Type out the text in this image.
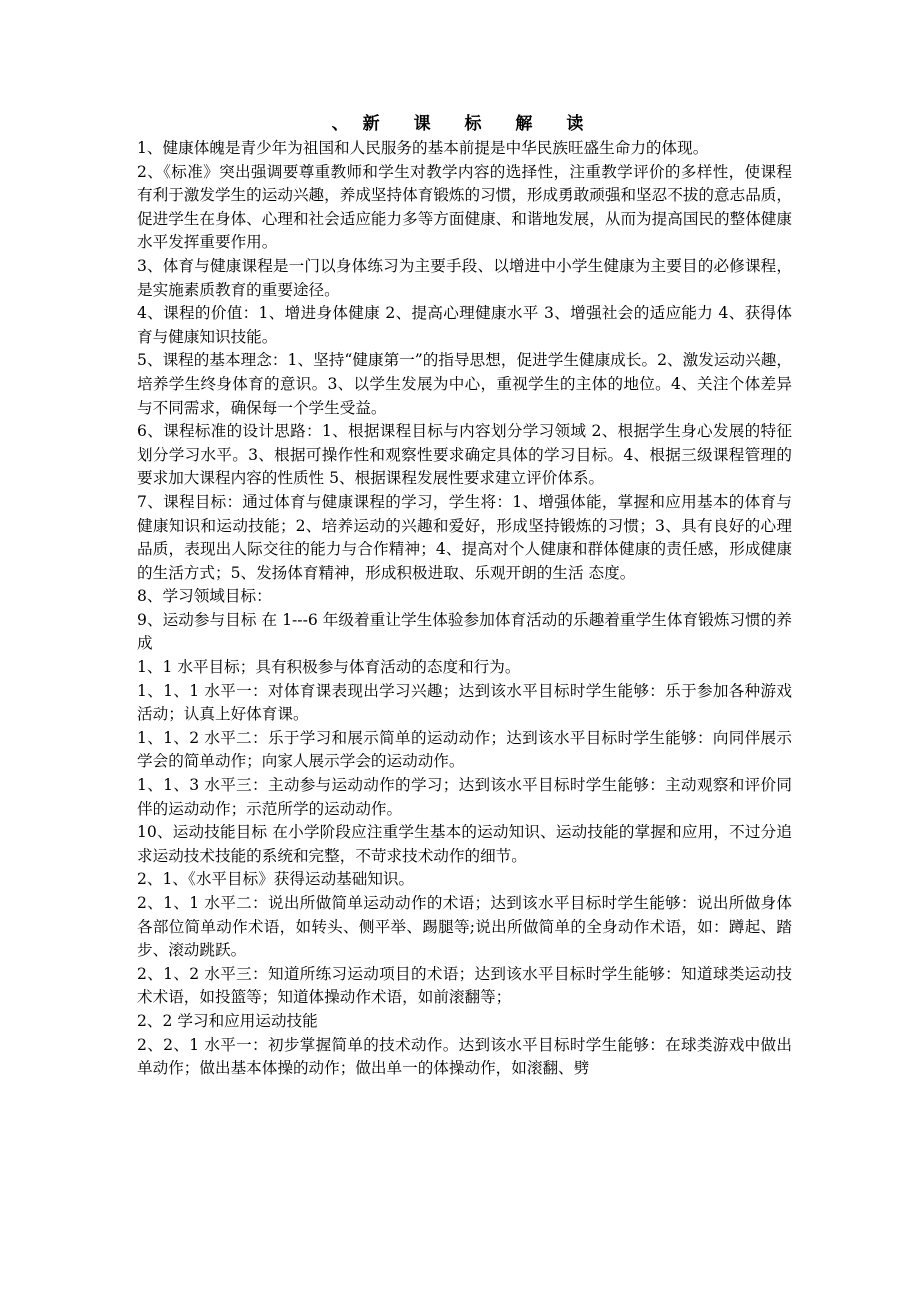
、新 课 标 解 读

1、健康体魄是青少年为祖国和人民服务的基本前提是中华民族旺盛生命力的体现。

2、《标准》突出强调要尊重教师和学生对教学内容的选择性，注重教学评价的多样性，使课程有利于激发学生的运动兴趣，养成坚持体育锻炼的习惯，形成勇敢顽强和坚忍不拔的意志品质，促进学生在身体、心理和社会适应能力多等方面健康、和谐地发展，从而为提高国民的整体健康水平发挥重要作用。

3、体育与健康课程是一门以身体练习为主要手段、以增进中小学生健康为主要目的必修课程，是实施素质教育的重要途径。

4、课程的价值：1、增进身体健康 2、提高心理健康水平 3、增强社会的适应能力 4、获得体育与健康知识技能。

5、课程的基本理念：1、坚持“健康第一”的指导思想，促进学生健康成长。2、激发运动兴趣，培养学生终身体育的意识。3、以学生发展为中心，重视学生的主体的地位。4、关注个体差异与不同需求，确保每一个学生受益。

6、课程标准的设计思路：1、根据课程目标与内容划分学习领域 2、根据学生身心发展的特征划分学习水平。3、根据可操作性和观察性要求确定具体的学习目标。4、根据三级课程管理的要求加大课程内容的性质性 5、根据课程发展性要求建立评价体系。

7、课程目标：通过体育与健康课程的学习，学生将：1、增强体能，掌握和应用基本的体育与健康知识和运动技能；2、培养运动的兴趣和爱好，形成坚持锻炼的习惯；3、具有良好的心理品质，表现出人际交往的能力与合作精神；4、提高对个人健康和群体健康的责任感，形成健康的生活方式；5、发扬体育精神，形成积极进取、乐观开朗的生活 态度。

8、学习领域目标：

9、运动参与目标 在 1---6 年级着重让学生体验参加体育活动的乐趣着重学生体育锻炼习惯的养成

1、1 水平目标；具有积极参与体育活动的态度和行为。

1、1、1 水平一：对体育课表现出学习兴趣；达到该水平目标时学生能够：乐于参加各种游戏活动；认真上好体育课。

1、1、2 水平二：乐于学习和展示简单的运动动作；达到该水平目标时学生能够：向同伴展示学会的简单动作；向家人展示学会的运动动作。

1、1、3 水平三：主动参与运动动作的学习；达到该水平目标时学生能够：主动观察和评价同伴的运动动作；示范所学的运动动作。

10、运动技能目标 在小学阶段应注重学生基本的运动知识、运动技能的掌握和应用，不过分追求运动技术技能的系统和完整，不苛求技术动作的细节。

2、1、《水平目标》获得运动基础知识。

2、1、1 水平二：说出所做简单运动动作的术语；达到该水平目标时学生能够：说出所做身体 各部位简单动作术语，如转头、侧平举、踢腿等;说出所做简单的全身动作术语，如：蹲起、踏步、滚动跳跃。

2、1、2 水平三：知道所练习运动项目的术语；达到该水平目标时学生能够：知道球类运动技术术语，如投篮等；知道体操动作术语，如前滚翻等；

2、2 学习和应用运动技能

2、2、1 水平一：初步掌握简单的技术动作。达到该水平目标时学生能够：在球类游戏中做出单动作；做出基本体操的动作；做出单一的体操动作，如滚翻、劈
